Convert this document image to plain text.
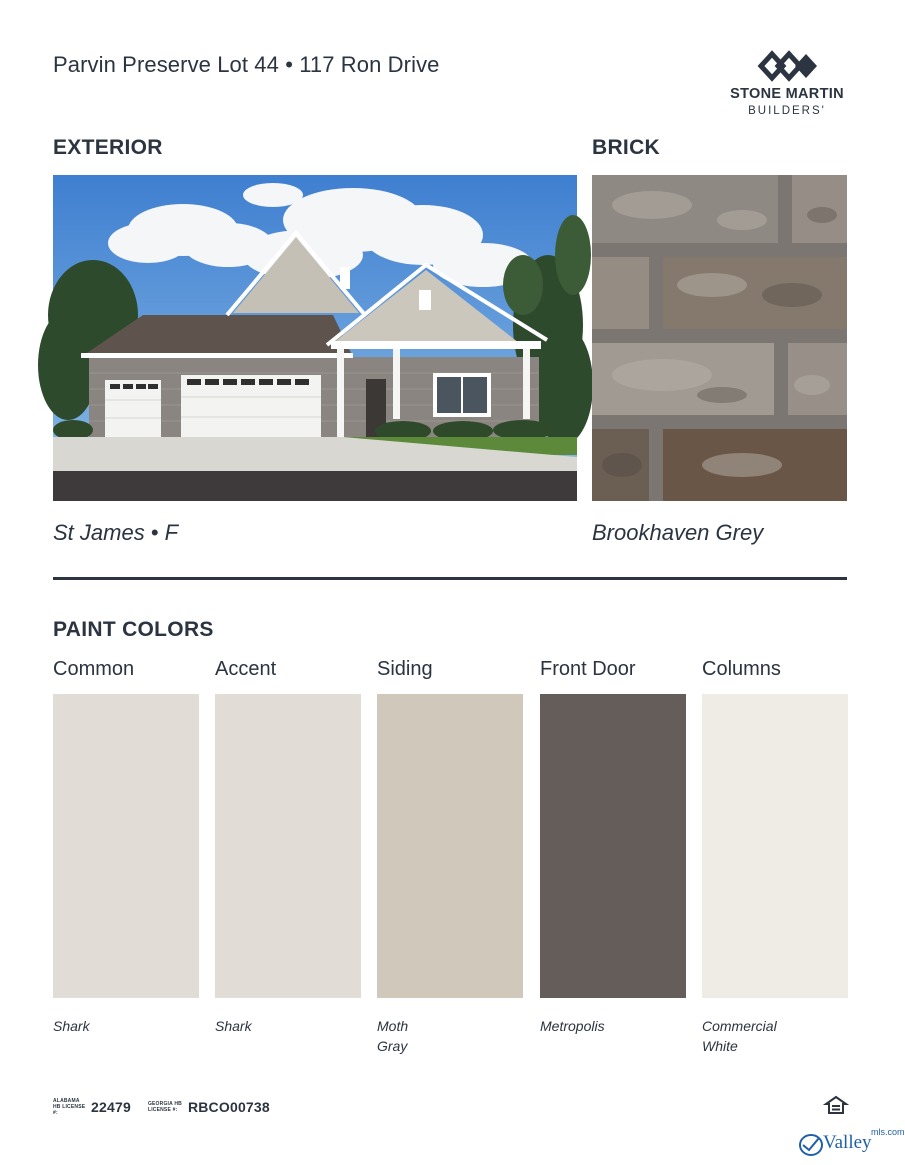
Parvin Preserve Lot 44 • 117 Ron Drive
STONE MARTIN
BUILDERS'
EXTERIOR	BRICK
St James • F	Brookhaven Grey
PAINT COLORS
Common
Shark
Accent
Shark
Siding
Moth Gray
Front Door
Metropolis
Columns
Commercial White
ALABAMA HB LICENSE #:	22479	GEORGIA HB LICENSE #: RBCO00738
Valley mls.com
